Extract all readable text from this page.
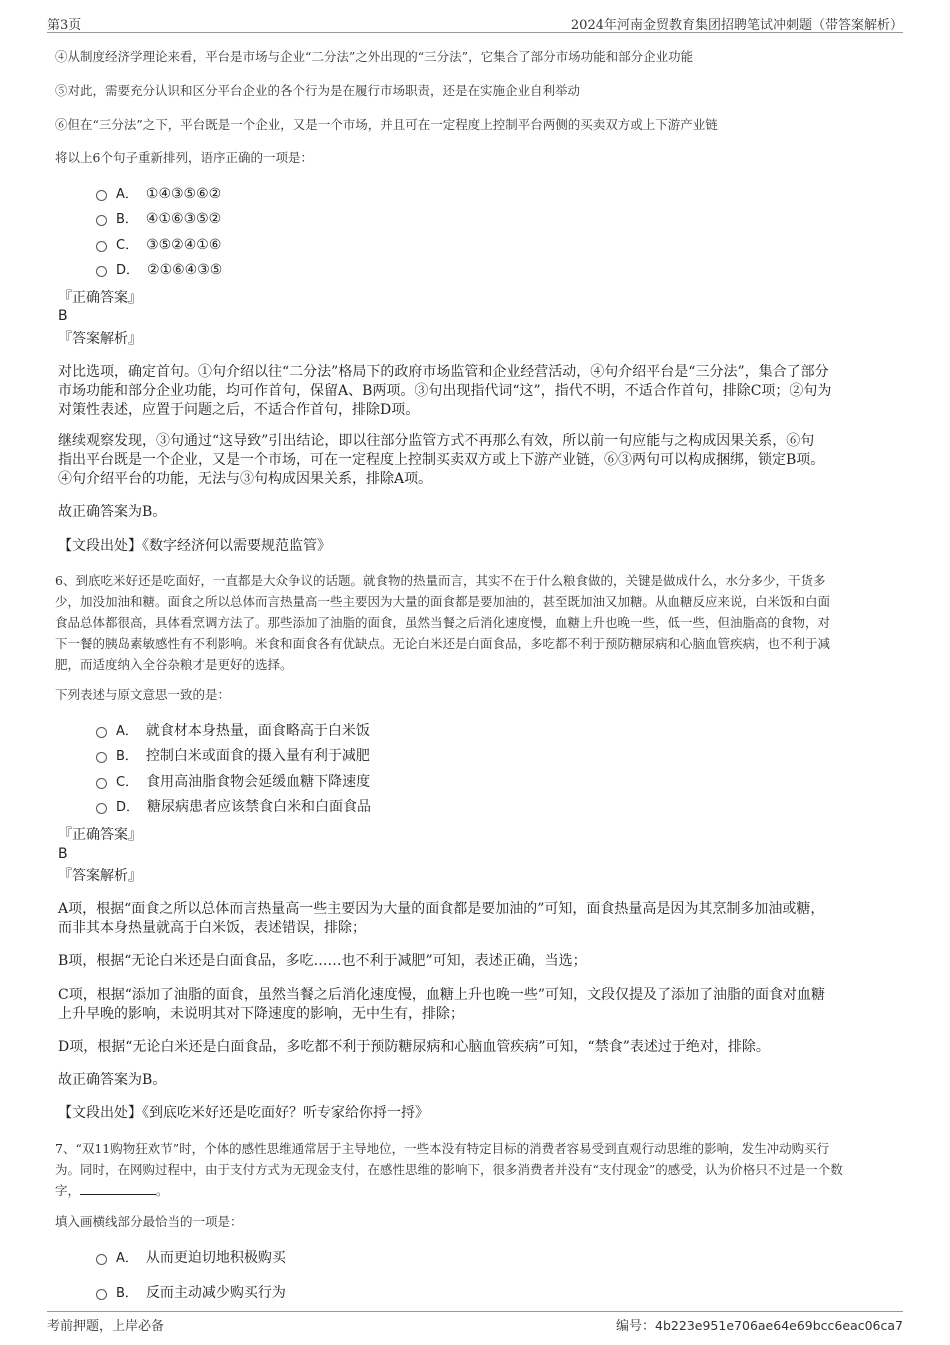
第3页	2024年河南金贸教育集团招聘笔试冲刺题（带答案解析）
④从制度经济学理论来看，平台是市场与企业“二分法”之外出现的“三分法”，它集合了部分市场功能和部分企业功能
⑤对此，需要充分认识和区分平台企业的各个行为是在履行市场职责，还是在实施企业自利举动
⑥但在“三分法”之下，平台既是一个企业，又是一个市场，并且可在一定程度上控制平台两侧的买卖双方或上下游产业链
将以上6个句子重新排列，语序正确的一项是：
A． ①④③⑤⑥②
B． ④①⑥③⑤②
C． ③⑤②④①⑥
D． ②①⑥④③⑤
『正确答案』
B
『答案解析』
对比选项，确定首句。①句介绍以往“二分法”格局下的政府市场监管和企业经营活动，④句介绍平台是“三分法”，集合了部分
市场功能和部分企业功能，均可作首句，保留A、B两项。③句出现指代词“这”，指代不明，不适合作首句，排除C项；②句为
对策性表述，应置于问题之后，不适合作首句，排除D项。
继续观察发现，③句通过“这导致”引出结论，即以往部分监管方式不再那么有效，所以前一句应能与之构成因果关系，⑥句
指出平台既是一个企业，又是一个市场，可在一定程度上控制买卖双方或上下游产业链，⑥③两句可以构成捆绑，锁定B项。
④句介绍平台的功能，无法与③句构成因果关系，排除A项。
故正确答案为B。
【文段出处】《数字经济何以需要规范监管》
6、到底吃米好还是吃面好，一直都是大众争议的话题。就食物的热量而言，其实不在于什么粮食做的，关键是做成什么，水分多少，干货多
少，加没加油和糖。面食之所以总体而言热量高一些主要因为大量的面食都是要加油的，甚至既加油又加糖。从血糖反应来说，白米饭和白面
食品总体都很高，具体看烹调方法了。那些添加了油脂的面食，虽然当餐之后消化速度慢，血糖上升也晚一些，低一些，但油脂高的食物，对
下一餐的胰岛素敏感性有不利影响。米食和面食各有优缺点。无论白米还是白面食品，多吃都不利于预防糖尿病和心脑血管疾病，也不利于减
肥，而适度纳入全谷杂粮才是更好的选择。
下列表述与原文意思一致的是：
A． 就食材本身热量，面食略高于白米饭
B． 控制白米或面食的摄入量有利于减肥
C． 食用高油脂食物会延缓血糖下降速度
D． 糖尿病患者应该禁食白米和白面食品
『正确答案』
B
『答案解析』
A项，根据“面食之所以总体而言热量高一些主要因为大量的面食都是要加油的”可知，面食热量高是因为其烹制多加油或糖，
而非其本身热量就高于白米饭，表述错误，排除；
B项，根据“无论白米还是白面食品，多吃……也不利于减肥”可知，表述正确，当选；
C项，根据“添加了油脂的面食，虽然当餐之后消化速度慢，血糖上升也晚一些”可知，文段仅提及了添加了油脂的面食对血糖
上升早晚的影响，未说明其对下降速度的影响，无中生有，排除；
D项，根据“无论白米还是白面食品，多吃都不利于预防糖尿病和心脑血管疾病”可知，“禁食”表述过于绝对，排除。
故正确答案为B。
【文段出处】《到底吃米好还是吃面好？听专家给你捋一捋》
7、“双11购物狂欢节”时，个体的感性思维通常居于主导地位，一些本没有特定目标的消费者容易受到直观行动思维的影响，发生冲动购买行
为。同时，在网购过程中，由于支付方式为无现金支付，在感性思维的影响下，很多消费者并没有“支付现金”的感受，认为价格只不过是一个数
字，	。
填入画横线部分最恰当的一项是：
A． 从而更迫切地积极购买
B． 反而主动减少购买行为
考前押题，上岸必备	编号：4b223e951e706ae64e69bcc6eac06ca7
